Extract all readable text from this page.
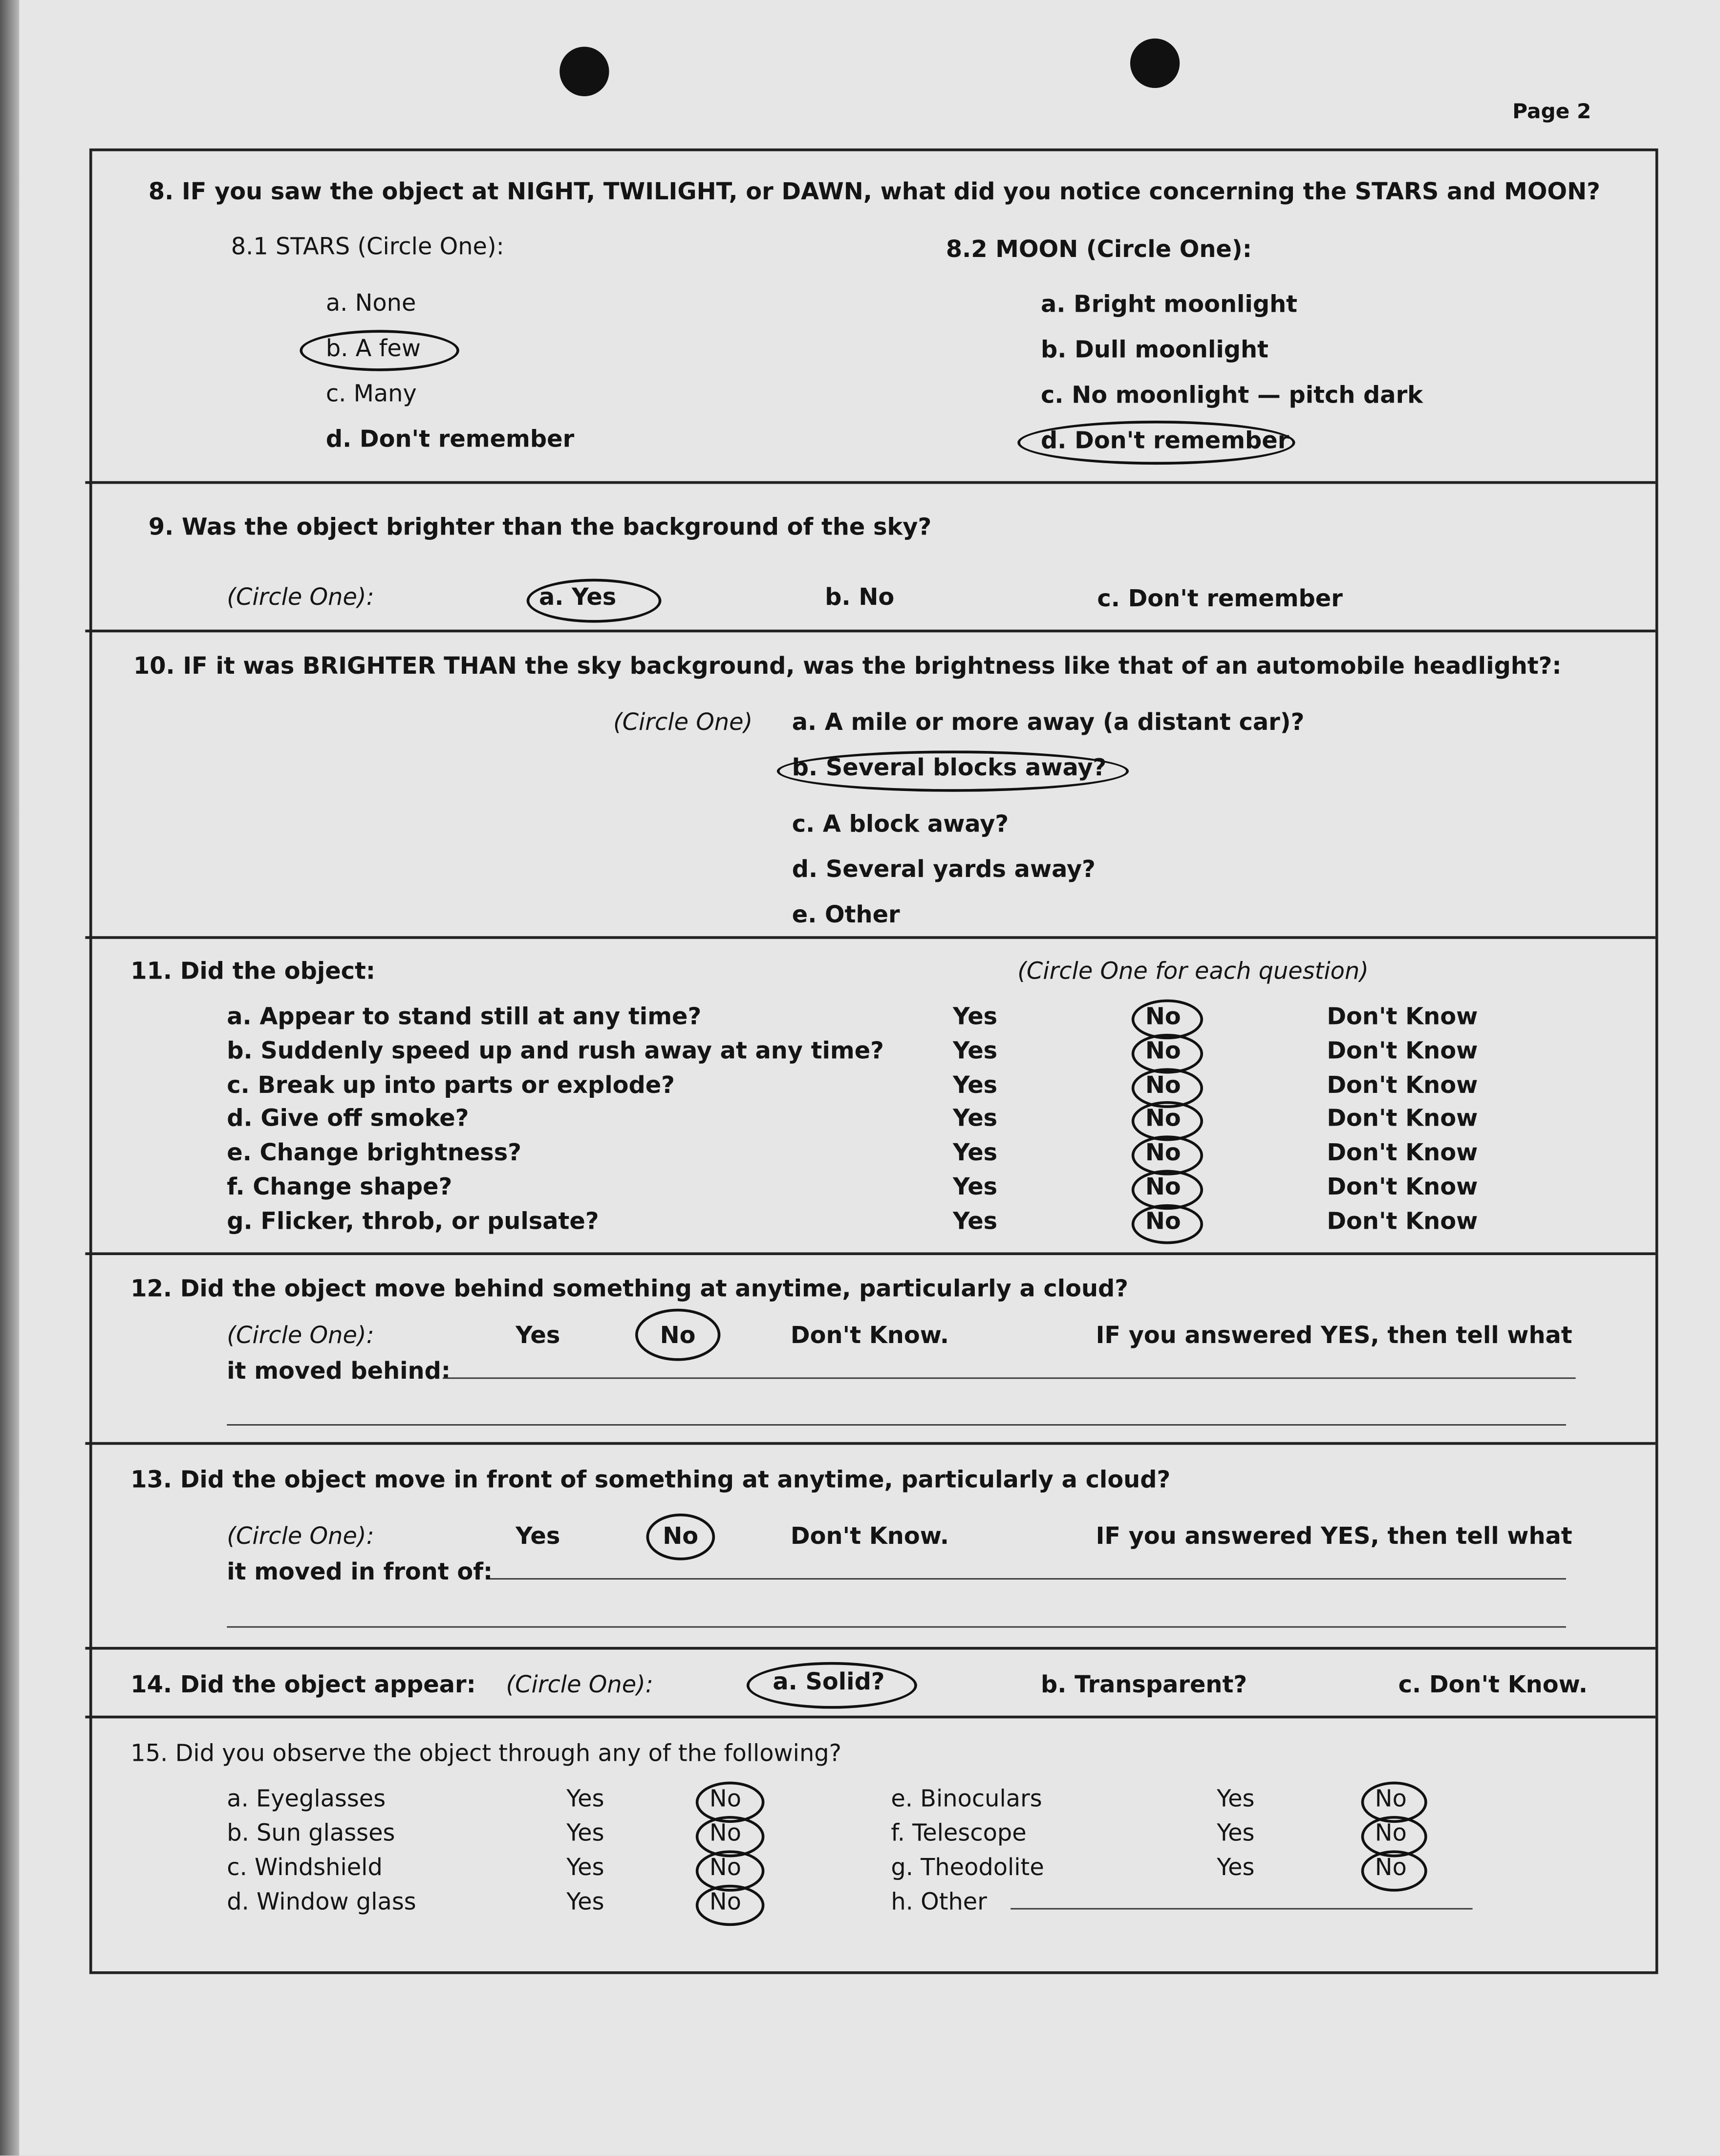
Page 2
8. IF you saw the object at NIGHT, TWILIGHT, or DAWN, what did you notice concerning the STARS and MOON?
8.1 STARS (Circle One):
a. None
b. A few
c. Many
d. Don't remember
8.2 MOON (Circle One):
a. Bright moonlight
b. Dull moonlight
c. No moonlight — pitch dark
d. Don't remember
9. Was the object brighter than the background of the sky?
(Circle One):	a. Yes	b. No	c. Don't remember
10. IF it was BRIGHTER THAN the sky background, was the brightness like that of an automobile headlight?:
(Circle One)	a. A mile or more away (a distant car)?
b. Several blocks away?
c. A block away?
d. Several yards away?
e. Other
11. Did the object:	(Circle One for each question)
12. Did the object move behind something at anytime, particularly a cloud?
(Circle One):	Yes	No	Don't Know.	IF you answered YES, then tell what
it moved behind:
13. Did the object move in front of something at anytime, particularly a cloud?
(Circle One):	Yes	No	Don't Know.	IF you answered YES, then tell what
it moved in front of:
14. Did the object appear:	(Circle One):	a. Solid?	b. Transparent?	c. Don't Know.
15. Did you observe the object through any of the following?
a. Appear to stand still at any time?	Yes	No	Don't Know
b. Suddenly speed up and rush away at any time?	Yes	No	Don't Know
c. Break up into parts or explode?	Yes	No	Don't Know
d. Give off smoke?	Yes	No	Don't Know
e. Change brightness?	Yes	No	Don't Know
f. Change shape?	Yes	No	Don't Know
g. Flicker, throb, or pulsate?	Yes	No	Don't Know
a. Eyeglasses	Yes	No
b. Sun glasses	Yes	No
c. Windshield	Yes	No
d. Window glass	Yes	No
e. Binoculars	Yes	No
f. Telescope	Yes	No
g. Theodolite	Yes	No
h. Other
